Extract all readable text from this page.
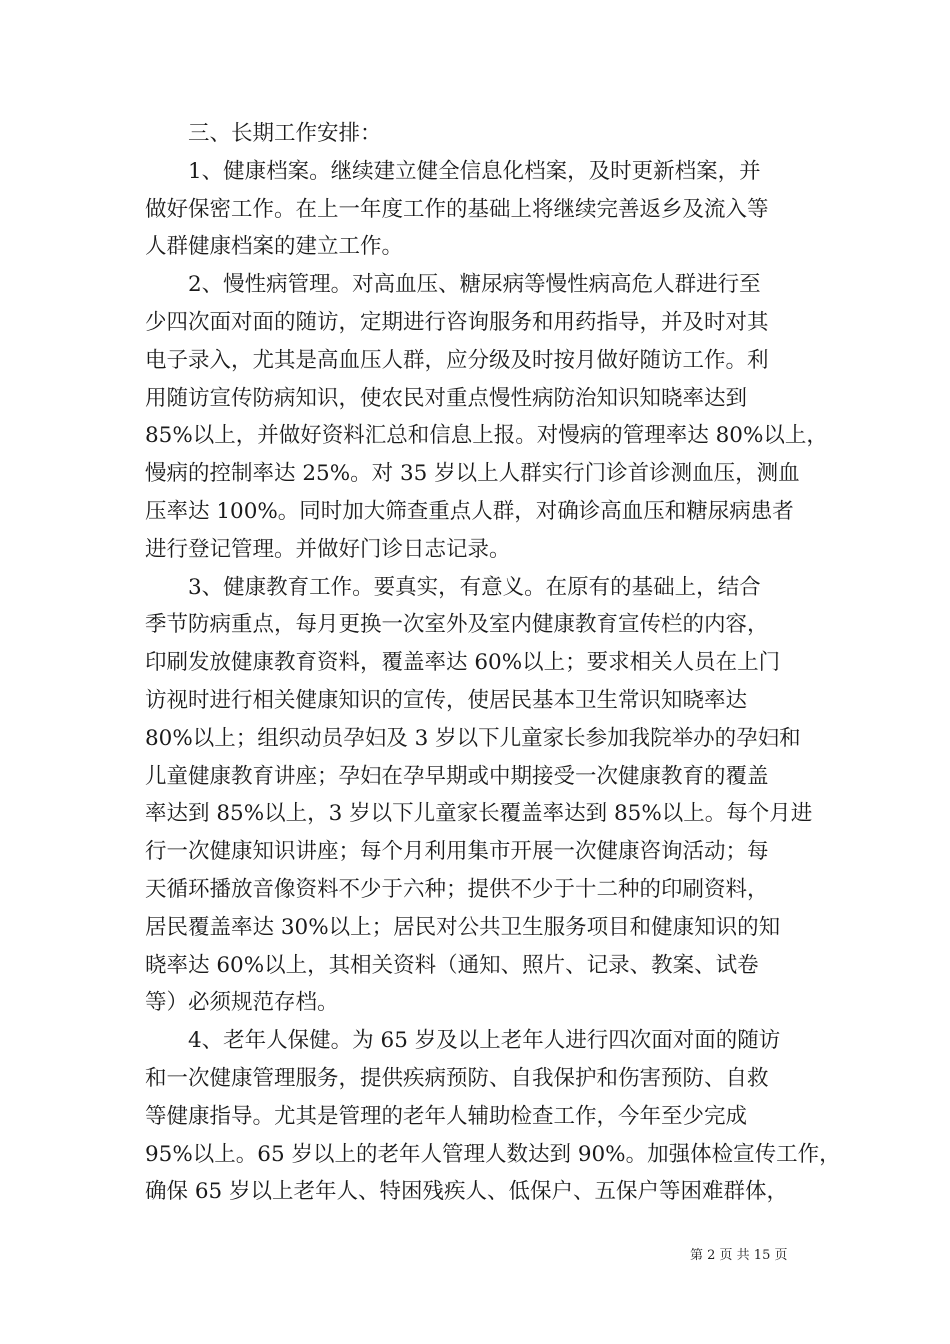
　　三、长期工作安排：
　　1、健康档案。继续建立健全信息化档案，及时更新档案，并
做好保密工作。在上一年度工作的基础上将继续完善返乡及流入等
人群健康档案的建立工作。
　　2、慢性病管理。对高血压、糖尿病等慢性病高危人群进行至
少四次面对面的随访，定期进行咨询服务和用药指导，并及时对其
电子录入，尤其是高血压人群，应分级及时按月做好随访工作。利
用随访宣传防病知识，使农民对重点慢性病防治知识知晓率达到
85%以上，并做好资料汇总和信息上报。对慢病的管理率达 80%以上，
慢病的控制率达 25%。对 35 岁以上人群实行门诊首诊测血压，测血
压率达 100%。同时加大筛查重点人群，对确诊高血压和糖尿病患者
进行登记管理。并做好门诊日志记录。
　　3、健康教育工作。要真实，有意义。在原有的基础上，结合
季节防病重点，每月更换一次室外及室内健康教育宣传栏的内容，
印刷发放健康教育资料，覆盖率达 60%以上；要求相关人员在上门
访视时进行相关健康知识的宣传，使居民基本卫生常识知晓率达
80%以上；组织动员孕妇及 3 岁以下儿童家长参加我院举办的孕妇和
儿童健康教育讲座；孕妇在孕早期或中期接受一次健康教育的覆盖
率达到 85%以上，3 岁以下儿童家长覆盖率达到 85%以上。每个月进
行一次健康知识讲座；每个月利用集市开展一次健康咨询活动；每
天循环播放音像资料不少于六种；提供不少于十二种的印刷资料，
居民覆盖率达 30%以上；居民对公共卫生服务项目和健康知识的知
晓率达 60%以上，其相关资料（通知、照片、记录、教案、试卷
等）必须规范存档。
　　4、老年人保健。为 65 岁及以上老年人进行四次面对面的随访
和一次健康管理服务，提供疾病预防、自我保护和伤害预防、自救
等健康指导。尤其是管理的老年人辅助检查工作，今年至少完成
95%以上。65 岁以上的老年人管理人数达到 90%。加强体检宣传工作，
确保 65 岁以上老年人、特困残疾人、低保户、五保户等困难群体，
第 2 页 共 15 页
